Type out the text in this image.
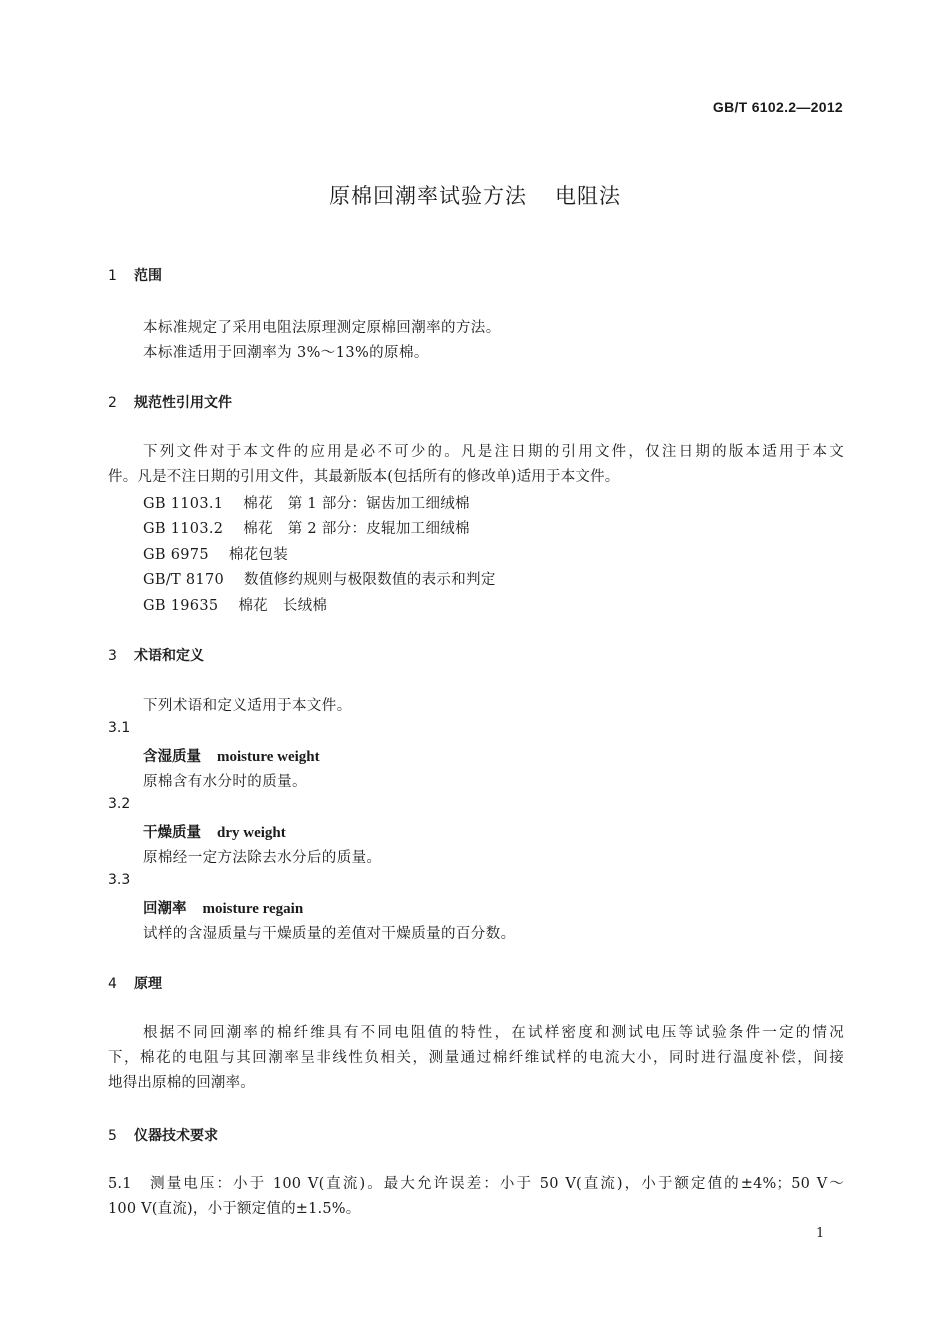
GB/T 6102.2—2012
原棉回潮率试验方法 电阻法
1 范围
本标准规定了采用电阻法原理测定原棉回潮率的方法。
本标准适用于回潮率为 3%～13%的原棉。
2 规范性引用文件
下列文件对于本文件的应用是必不可少的。凡是注日期的引用文件，仅注日期的版本适用于本文
件。凡是不注日期的引用文件，其最新版本(包括所有的修改单)适用于本文件。
GB 1103.1 棉花　第 1 部分：锯齿加工细绒棉
GB 1103.2 棉花　第 2 部分：皮辊加工细绒棉
GB 6975 棉花包装
GB/T 8170 数值修约规则与极限数值的表示和判定
GB 19635 棉花　长绒棉
3 术语和定义
下列术语和定义适用于本文件。
3.1
含湿质量 moisture weight
原棉含有水分时的质量。
3.2
干燥质量 dry weight
原棉经一定方法除去水分后的质量。
3.3
回潮率 moisture regain
试样的含湿质量与干燥质量的差值对干燥质量的百分数。
4 原理
根据不同回潮率的棉纤维具有不同电阻值的特性，在试样密度和测试电压等试验条件一定的情况
下，棉花的电阻与其回潮率呈非线性负相关，测量通过棉纤维试样的电流大小，同时进行温度补偿，间接
地得出原棉的回潮率。
5 仪器技术要求
5.1　测量电压：小于 100 V(直流)。最大允许误差：小于 50 V(直流)，小于额定值的±4%；50 V～
100 V(直流)，小于额定值的±1.5%。
1
